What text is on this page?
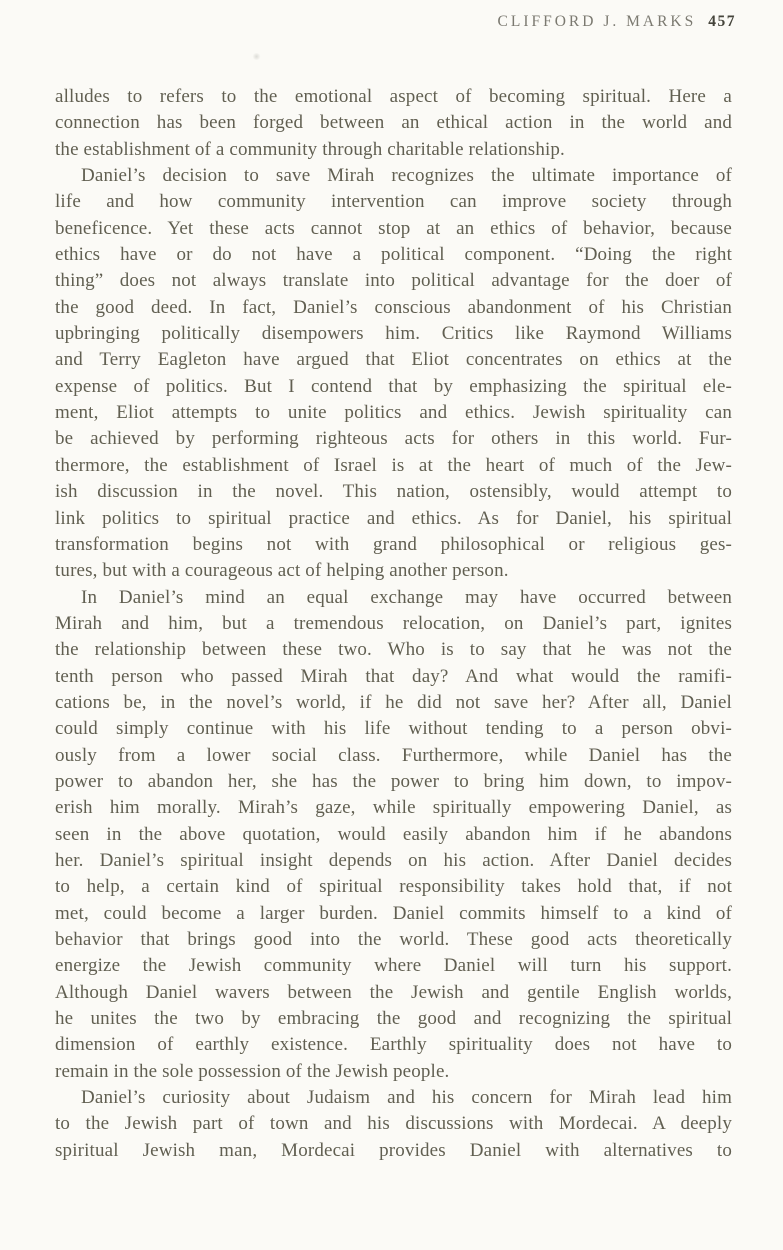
CLIFFORD J. MARKS 457
alludes to refers to the emotional aspect of becoming spiritual. Here a
connection has been forged between an ethical action in the world and
the establishment of a community through charitable relationship.
Daniel’s decision to save Mirah recognizes the ultimate importance of
life and how community intervention can improve society through
beneficence. Yet these acts cannot stop at an ethics of behavior, because
ethics have or do not have a political component. “Doing the right
thing” does not always translate into political advantage for the doer of
the good deed. In fact, Daniel’s conscious abandonment of his Christian
upbringing politically disempowers him. Critics like Raymond Williams
and Terry Eagleton have argued that Eliot concentrates on ethics at the
expense of politics. But I contend that by emphasizing the spiritual ele-
ment, Eliot attempts to unite politics and ethics. Jewish spirituality can
be achieved by performing righteous acts for others in this world. Fur-
thermore, the establishment of Israel is at the heart of much of the Jew-
ish discussion in the novel. This nation, ostensibly, would attempt to
link politics to spiritual practice and ethics. As for Daniel, his spiritual
transformation begins not with grand philosophical or religious ges-
tures, but with a courageous act of helping another person.
In Daniel’s mind an equal exchange may have occurred between
Mirah and him, but a tremendous relocation, on Daniel’s part, ignites
the relationship between these two. Who is to say that he was not the
tenth person who passed Mirah that day? And what would the ramifi-
cations be, in the novel’s world, if he did not save her? After all, Daniel
could simply continue with his life without tending to a person obvi-
ously from a lower social class. Furthermore, while Daniel has the
power to abandon her, she has the power to bring him down, to impov-
erish him morally. Mirah’s gaze, while spiritually empowering Daniel, as
seen in the above quotation, would easily abandon him if he abandons
her. Daniel’s spiritual insight depends on his action. After Daniel decides
to help, a certain kind of spiritual responsibility takes hold that, if not
met, could become a larger burden. Daniel commits himself to a kind of
behavior that brings good into the world. These good acts theoretically
energize the Jewish community where Daniel will turn his support.
Although Daniel wavers between the Jewish and gentile English worlds,
he unites the two by embracing the good and recognizing the spiritual
dimension of earthly existence. Earthly spirituality does not have to
remain in the sole possession of the Jewish people.
Daniel’s curiosity about Judaism and his concern for Mirah lead him
to the Jewish part of town and his discussions with Mordecai. A deeply
spiritual Jewish man, Mordecai provides Daniel with alternatives to
